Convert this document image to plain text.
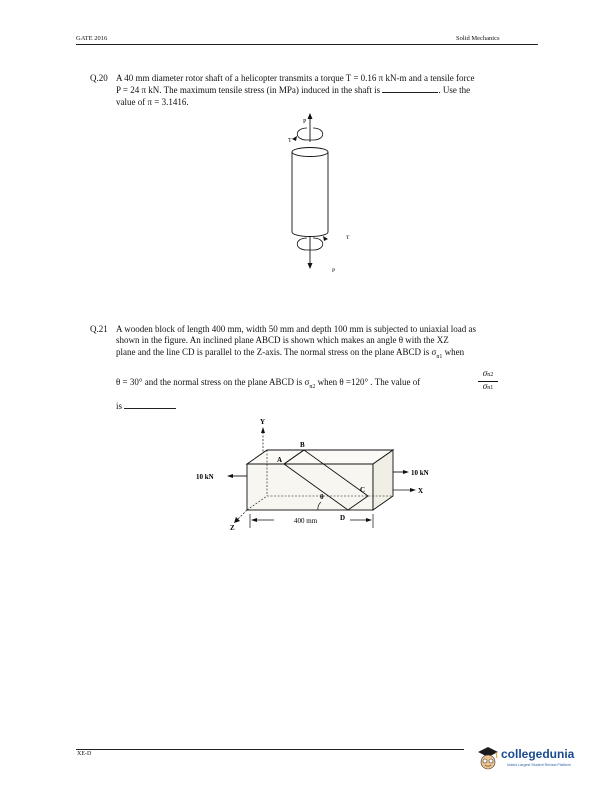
GATE 2016	Solid Mechanics
Q.20 A 40 mm diameter rotor shaft of a helicopter transmits a torque T = 0.16 π kN-m and a tensile force
P = 24 π kN. The maximum tensile stress (in MPa) induced in the shaft is	. Use the
value of π = 3.1416.
P
T
T
P
Q.21 A wooden block of length 400 mm, width 50 mm and depth 100 mm is subjected to uniaxial load as
shown in the figure. An inclined plane ABCD is shown which makes an angle θ with the XZ
plane and the line CD is parallel to the Z-axis. The normal stress on the plane ABCD is $\sigma_{n1}$ when
θ = 30° and the normal stress on the plane ABCD is $\sigma_{n2}$ when θ =120° . The value of
σn2
σn1
is
Y
B
A
C
D
θ
X
Z
10 kN	10 kN
400 mm
XE-D	collegedunia
India's Largest Student Review Platform
